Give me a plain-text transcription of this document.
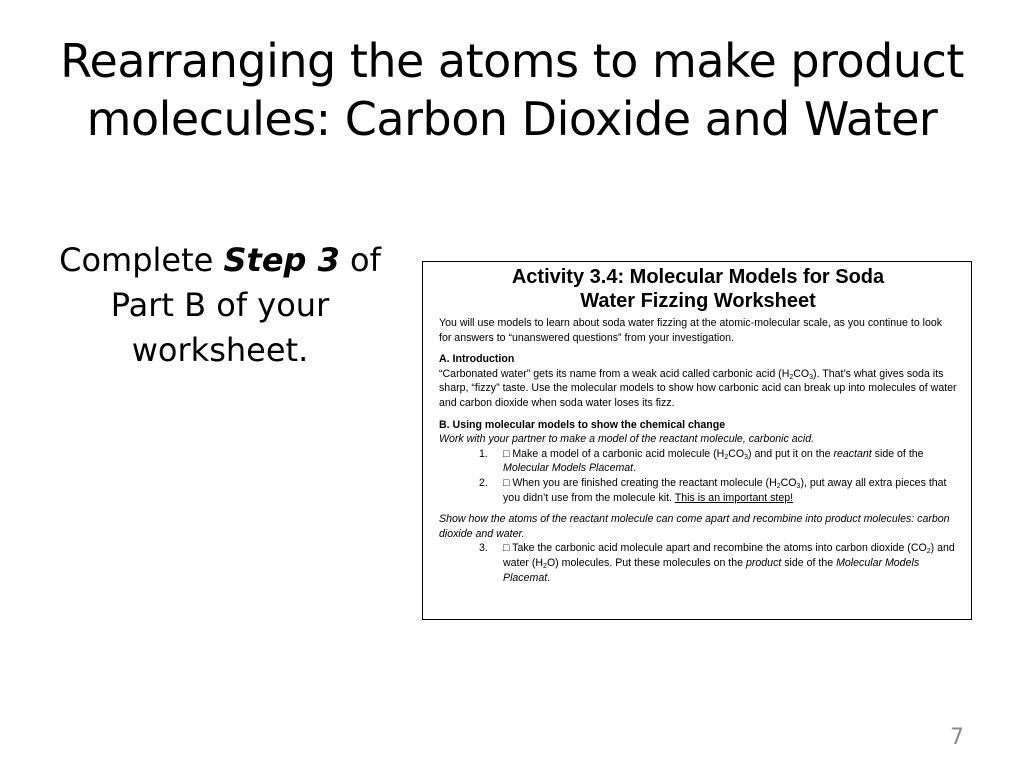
Rearranging the atoms to make product
molecules: Carbon Dioxide and Water
Complete Step 3 of Part B of your worksheet.
Activity 3.4: Molecular Models for Soda
Water Fizzing Worksheet

You will use models to learn about soda water fizzing at the atomic-molecular scale, as you continue to look for answers to “unanswered questions” from your investigation.

A. Introduction

“Carbonated water” gets its name from a weak acid called carbonic acid $(H_2CO_3)$. That’s what gives soda its sharp, “fizzy” taste. Use the molecular models to show how carbonic acid can break up into molecules of water and carbon dioxide when soda water loses its fizz.

B. Using molecular models to show the chemical change

Work with your partner to make a model of the reactant molecule, carbonic acid.

1. □ Make a model of a carbonic acid molecule $(H_2CO_3)$ and put it on the reactant side of the Molecular Models Placemat.

2. □ When you are finished creating the reactant molecule $(H_2CO_3)$, put away all extra pieces that you didn’t use from the molecule kit. This is an important step!

Show how the atoms of the reactant molecule can come apart and recombine into product molecules: carbon dioxide and water.

3. □ Take the carbonic acid molecule apart and recombine the atoms into carbon dioxide $(CO_2)$ and water $(H_2O)$ molecules. Put these molecules on the product side of the Molecular Models Placemat.

7
